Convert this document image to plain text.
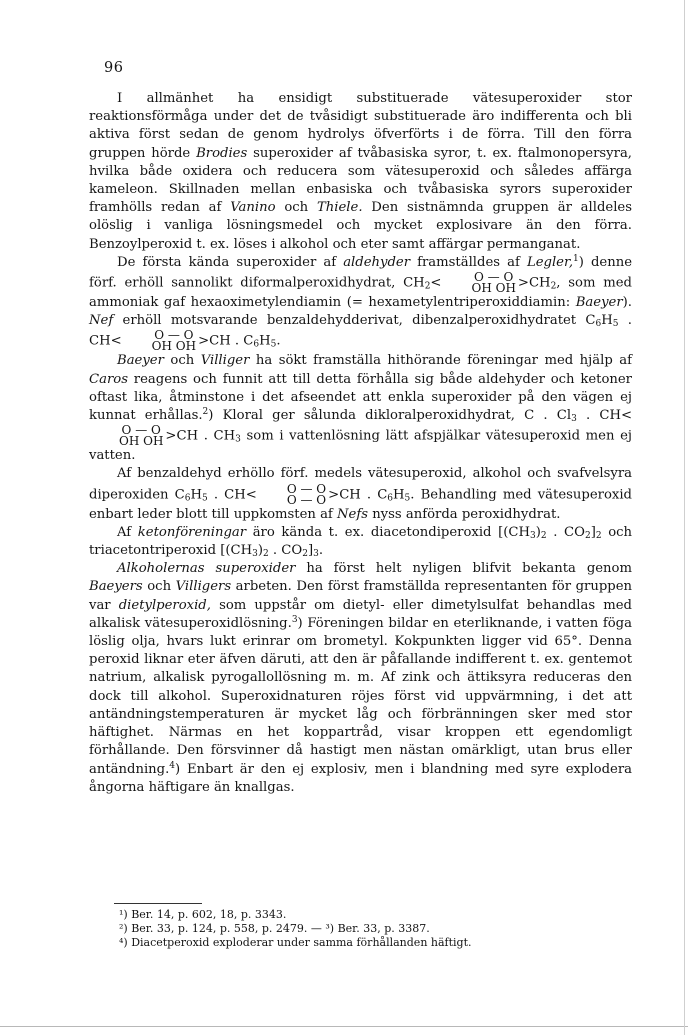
96

I allmänhet ha ensidigt substituerade vätesuperoxider stor reaktionsförmåga under det de tvåsidigt substituerade äro indifferenta och bli aktiva först sedan de genom hydrolys öfverförts i de förra. Till den förra gruppen hörde Brodies superoxider af tvåbasiska syror, t. ex. ftalmonopersyra, hvilka både oxidera och reducera som vätesuperoxid och således affärga kameleon. Skillnaden mellan enbasiska och tvåbasiska syrors superoxider framhölls redan af Vanino och Thiele. Den sistnämnda gruppen är alldeles olöslig i vanliga lösningsmedel och mycket explosivare än den förra. Benzoylperoxid t. ex. löses i alkohol och eter samt affärgar permanganat.

De första kända superoxider af aldehyder framställdes af Legler,$^1$) denne förf. erhöll sannolikt diformalperoxidhydrat, $CH_2<$	O — O
OH OH $>CH_2$, som med ammoniak gaf hexaoximetylendiamin (= hexametylentriperoxiddiamin: Baeyer). Nef erhöll motsvarande benzaldehydderivat, dibenzalperoxidhydratet $C_6H_5$ . CH<	O — O
OH OH >CH . $C_6H_5$.

Baeyer och Villiger ha sökt framställa hithörande föreningar med hjälp af Caros reagens och funnit att till detta förhålla sig både aldehyder och ketoner oftast lika, åtminstone i det afseendet att enkla superoxider på den vägen ej kunnat erhållas.$^2$) Kloral ger sålunda dikloralperoxidhydrat, C . $Cl_3$ . CH<
O — O
OH OH >CH . $CH_3$ som i vattenlösning lätt afspjälkar vätesuperoxid men ej vatten.

Af benzaldehyd erhöllo förf. medels vätesuperoxid, alkohol och svafvelsyra diperoxiden $C_6H_5$ . CH<	O — O
O — O >CH . $C_6H_5$. Behandling med vätesuperoxid enbart leder blott till uppkomsten af Nefs nyss anförda peroxidhydrat.

Af ketonföreningar äro kända t. ex. diacetondiperoxid [$(CH_3)_2$ . $CO_2]_2$ och triacetontriperoxid [$(CH_3)_2$ . $CO_2]_3$.

Alkoholernas superoxider ha först helt nyligen blifvit bekanta genom Baeyers och Villigers arbeten. Den först framställda representanten för gruppen var dietylperoxid, som uppstår om dietyl- eller dimetylsulfat behandlas med alkalisk vätesuperoxidlösning.$^3$) Föreningen bildar en eterliknande, i vatten föga löslig olja, hvars lukt erinrar om brometyl. Kokpunkten ligger vid 65°. Denna peroxid liknar eter äfven däruti, att den är påfallande indifferent t. ex. gentemot natrium, alkalisk pyrogallollösning m. m. Af zink och ättiksyra reduceras den dock till alkohol. Superoxidnaturen röjes först vid uppvärmning, i det att antändningstemperaturen är mycket låg och förbränningen sker med stor häftighet. Närmas en het koppartråd, visar kroppen ett egendomligt förhållande. Den försvinner då hastigt men nästan omärkligt, utan brus eller antändning.$^4$) Enbart är den ej explosiv, men i blandning med syre explodera ångorna häftigare än knallgas.

¹) Ber. 14, p. 602, 18, p. 3343.
²) Ber. 33, p. 124, p. 558, p. 2479. — ³) Ber. 33, p. 3387.
⁴) Diacetperoxid exploderar under samma förhållanden häftigt.
